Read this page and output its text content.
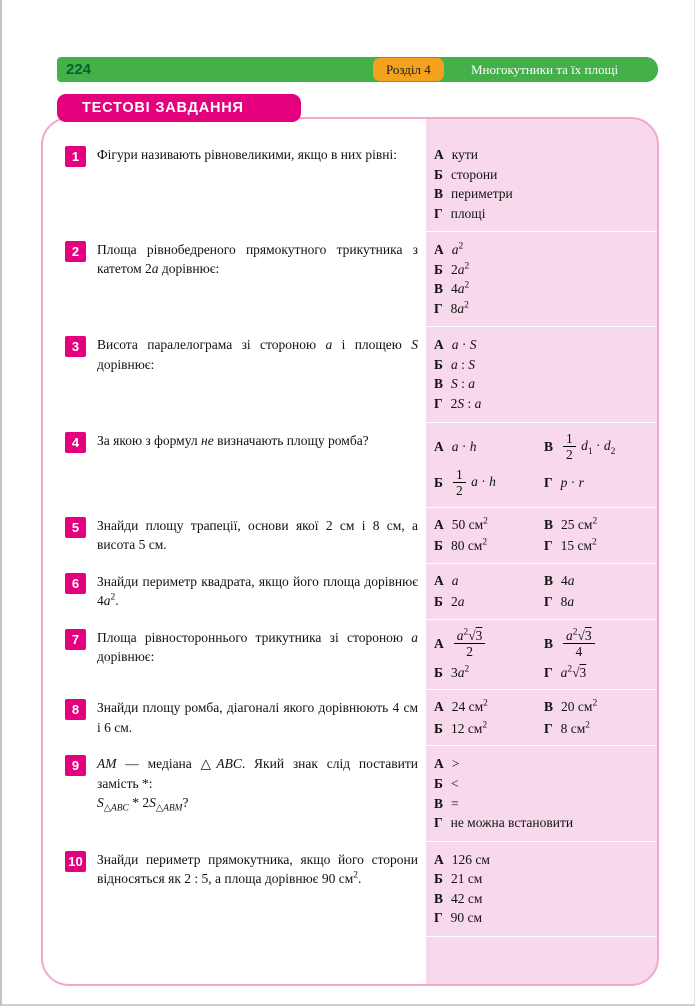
224	Розділ 4	Многокутники та їх площі
ТЕСТОВІ ЗАВДАННЯ
1	Фігури називають рівновеликими, якщо в них рівні:	А кути
Б сторони
В периметри
Г площі
2	Площа рівнобедреного прямокутного трикутника з катетом 2a дорівнює:
А $a^2$
Б $2a^2$
В $4a^2$
Г $8a^2$
3	Висота паралелограма зі стороною a і площею S дорівнює:
А a · S
Б a : S
В S : a
Г 2S : a
4	За якою з формул не визначають площу ромба?	А a · h
Б $\frac{1}{2}$ a · h
В $\frac{1}{2} d_1 \cdot d_2$
Г p · r
5	Знайди площу трапеції, основи якої 2 см і 8 см, а висота 5 см.
А 50 $см^2$
Б 80 $см^2$
В 25 $см^2$
Г 15 $см^2$
6	Знайди периметр квадрата, якщо його площа дорівнює $4a^2$.
А a
Б 2a
В 4a
Г 8a
7	Площа рівностороннього трикутника зі стороною a дорівнює:
А $\frac{a^2√3}{2}$
Б $3a^2$
В $\frac{a^2√3}{4}$
Г $a^2√3$
8	Знайди площу ромба, діагоналі якого дорівнюють 4 см і 6 см.
А 24 $см^2$
Б 12 $см^2$
В 20 $см^2$
Г 8 $см^2$
9	AM — медіана △ABC. Який знак слід поставити замість *:
$S_{\triangle ABC} * 2S_{\triangle ABM}$?
А >
Б <
В =
Г не можна встановити
10 Знайди периметр прямокутника, якщо його сторони відносяться як 2 : 5, а площа дорівнює 90 $см^2$.
А 126 см
Б 21 см
В 42 см
Г 90 см
